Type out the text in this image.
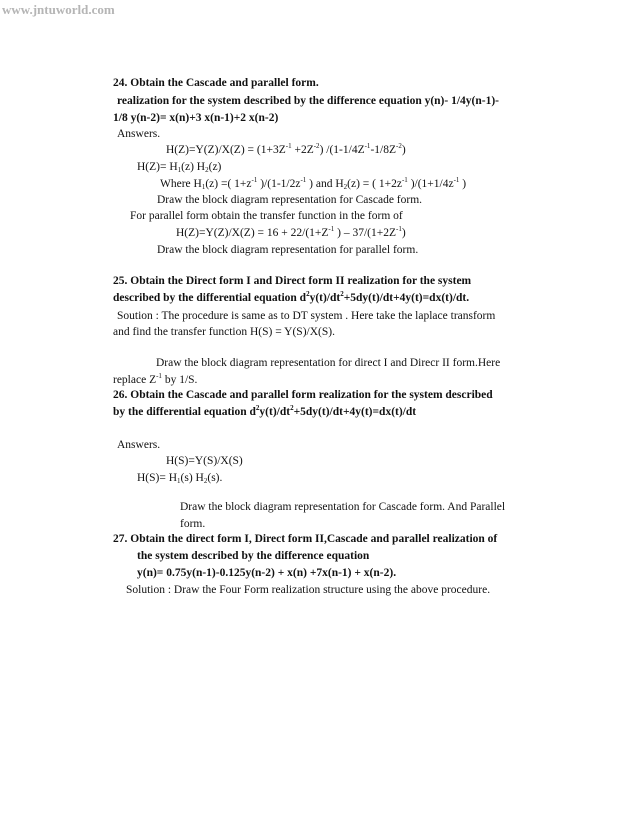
www.jntuworld.com
24. Obtain the Cascade and parallel form.
realization for the system described by the difference equation y(n)- 1/4y(n-1)-
1/8 y(n-2)= x(n)+3 x(n-1)+2 x(n-2)
Answers.
$H(Z)=Y(Z)/X(Z) = (1+3Z^{-1} +2Z^{-2})$ $/(1-1/4Z^{-1}-1/8Z^{-2})$
$H(Z)= H_1(z)$ $H_2(z)$
Where $H_1(z)$ =( $1+z^{-1}$ )$/(1-1/2z^{-1}$ ) and $H_2(z)$ = ( $1+2z^{-1}$ )$/(1+1/4z^{-1}$ )
Draw the block diagram representation for Cascade form.
For parallel form obtain the transfer function in the form of
$H(Z)=Y(Z)/X(Z) = 16 + 22/(1+Z^{-1}$ ) – $37/(1+2Z^{-1})$
Draw the block diagram representation for parallel form.
25. Obtain the Direct form I and Direct form II realization for the system
described by the differential equation $d^2y(t)/dt^2+5dy(t)/dt+4y(t)=dx(t)/dt$.
Soution : The procedure is same as to DT system . Here take the laplace transform
and find the transfer function H(S) = Y(S)/X(S).
Draw the block diagram representation for direct I and Direcr II form.Here
replace $Z^{-1}$ by 1/S.
26. Obtain the Cascade and parallel form realization for the system described
by the differential equation $d^2y(t)/dt^2+5dy(t)/dt+4y(t)=dx(t)/dt$
Answers.
H(S)=Y(S)/X(S)
$H(S)= H_1(s)$ $H_2(s)$.
Draw the block diagram representation for Cascade form. And Parallel
form.
27. Obtain the direct form I, Direct form II,Cascade and parallel realization of
the system described by the difference equation
y(n)= 0.75y(n-1)-0.125y(n-2) + x(n) +7x(n-1) + x(n-2).
Solution : Draw the Four Form realization structure using the above procedure.
